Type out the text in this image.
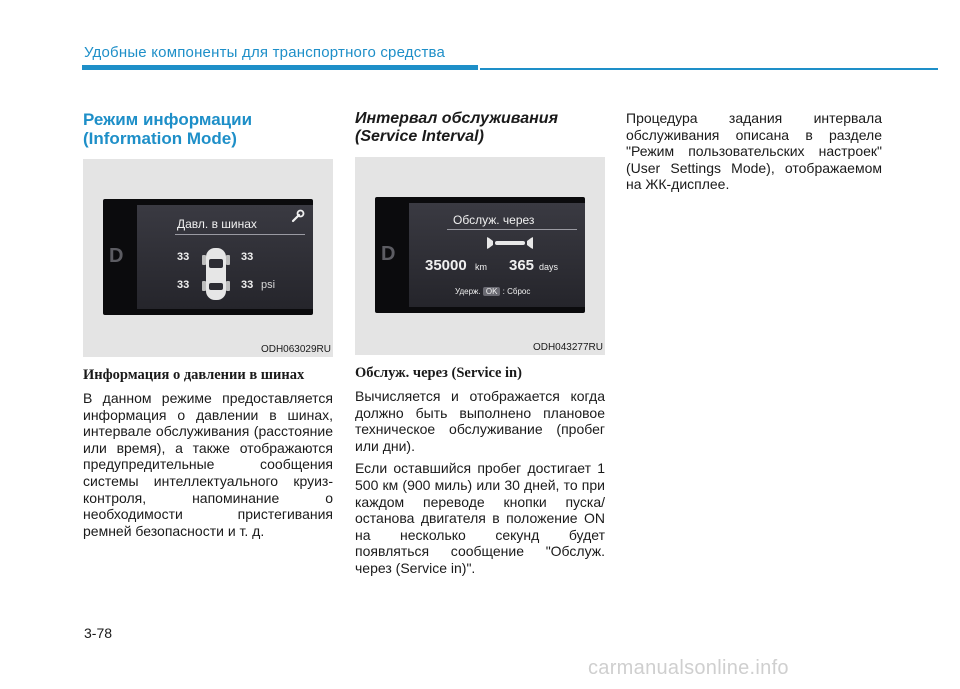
Удобные компоненты для транспортного средства
Режим информации
(Information Mode)
D
Давл. в шинах
33	33
33	33 psi
ODH063029RU
Информация о давлении в шинах

В данном режиме предоставляется информация о давлении в шинах, интервале обслуживания (расстояние или время), а также отображаются предупредительные сообщения системы интеллектуального круиз-контроля, напоминание о необходимости пристегивания ремней безопасности и т. д.

Интервал обслуживания
(Service Interval)
D
Обслуж. через
35000 km 365 days
Удерж. OK : Сброс
ODH043277RU
Обслуж. через (Service in)

Вычисляется и отображается когда должно быть выполнено плановое техническое обслуживание (пробег или дни).

Если оставшийся пробег достигает 1 500 км (900 миль) или 30 дней, то при каждом переводе кнопки пуска/останова двигателя в положение ON на несколько секунд будет появляться сообщение "Обслуж. через (Service in)".

Процедура задания интервала обслуживания описана в разделе "Режим пользовательских настроек" (User Settings Mode), отображаемом на ЖК-дисплее.

3-78
carmanualsonline.info
